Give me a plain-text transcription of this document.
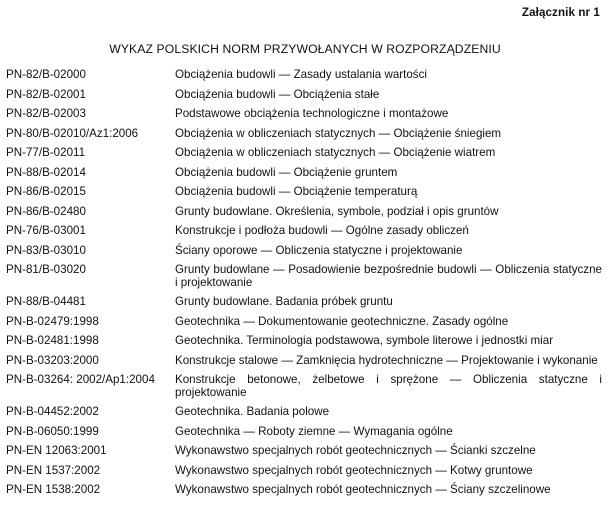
Załącznik nr 1
WYKAZ POLSKICH NORM PRZYWOŁANYCH W ROZPORZĄDZENIU
PN-82/B-02000	Obciążenia budowli — Zasady ustalania wartości
PN-82/B-02001	Obciążenia budowli — Obciążenia stałe
PN-82/B-02003	Podstawowe obciążenia technologiczne i montażowe
PN-80/B-02010/Az1:2006	Obciążenia w obliczeniach statycznych — Obciążenie śniegiem
PN-77/B-02011	Obciążenia w obliczeniach statycznych — Obciążenie wiatrem
PN-88/B-02014	Obciążenia budowli — Obciążenie gruntem
PN-86/B-02015	Obciążenia budowli — Obciążenie temperaturą
PN-86/B-02480	Grunty budowlane. Określenia, symbole, podział i opis gruntów
PN-76/B-03001	Konstrukcje i podłoża budowli — Ogólne zasady obliczeń
PN-83/B-03010	Ściany oporowe — Obliczenia statyczne i projektowanie
PN-81/B-03020	Grunty budowlane — Posadowienie bezpośrednie budowli — Obliczenia statyczne i projektowanie
PN-88/B-04481	Grunty budowlane. Badania próbek gruntu
PN-B-02479:1998	Geotechnika — Dokumentowanie geotechniczne. Zasady ogólne
PN-B-02481:1998	Geotechnika. Terminologia podstawowa, symbole literowe i jednostki miar
PN-B-03203:2000	Konstrukcje stalowe — Zamknięcia hydrotechniczne — Projektowanie i wykonanie
PN-B-03264: 2002/Ap1:2004	Konstrukcje betonowe, żelbetowe i sprężone — Obliczenia statyczne i projektowanie
PN-B-04452:2002	Geotechnika. Badania polowe
PN-B-06050:1999	Geotechnika — Roboty ziemne — Wymagania ogólne
PN-EN 12063:2001	Wykonawstwo specjalnych robót geotechnicznych — Ścianki szczelne
PN-EN 1537:2002	Wykonawstwo specjalnych robót geotechnicznych — Kotwy gruntowe
PN-EN 1538:2002	Wykonawstwo specjalnych robót geotechnicznych — Ściany szczelinowe
